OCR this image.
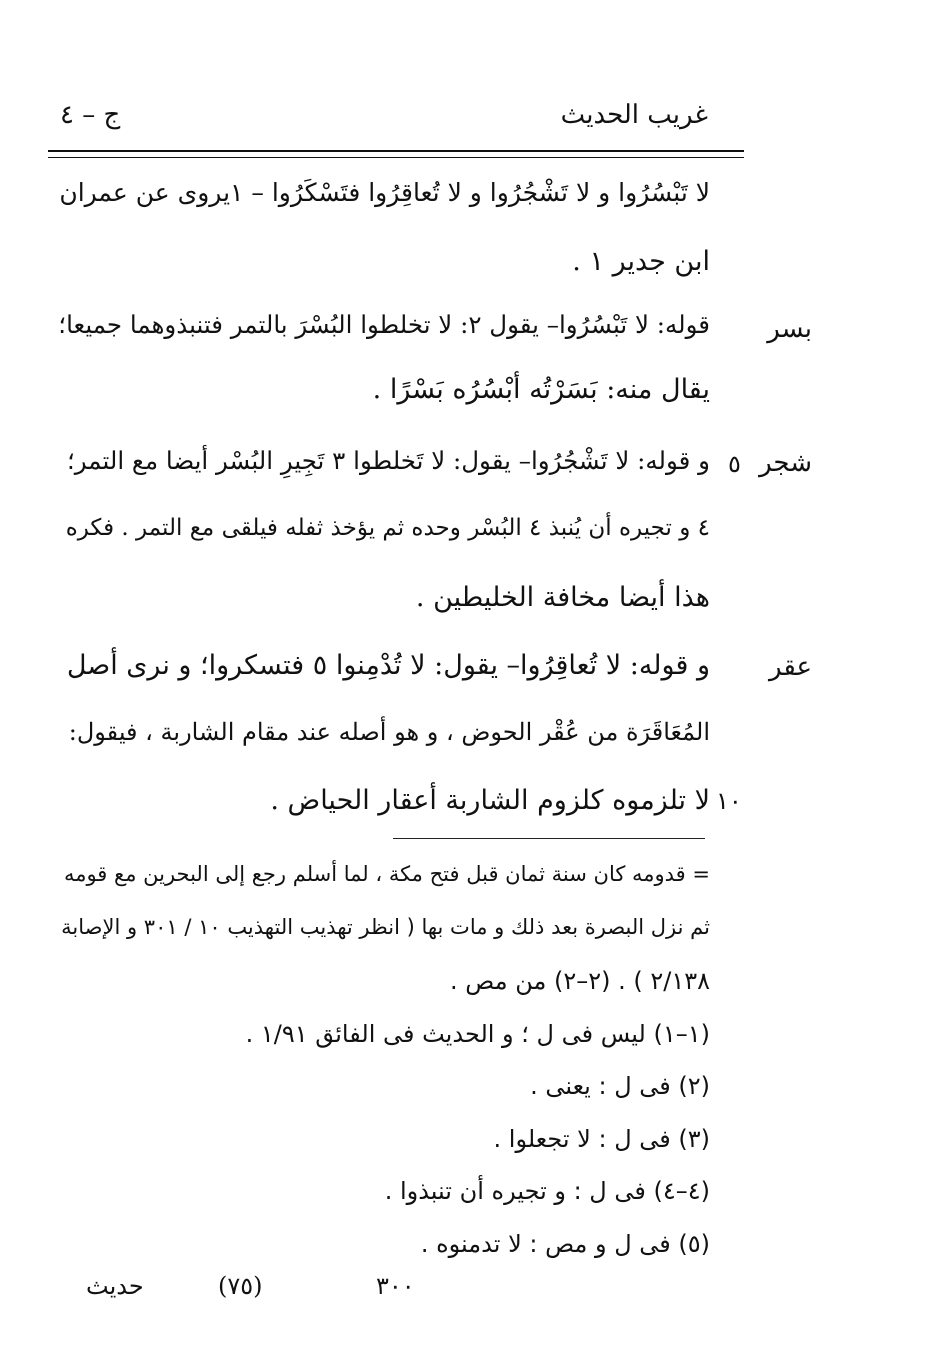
غريب الحديث
ج – ٤
لا تَبْسُرُوا و لا تَشْجُرُوا و لا تُعاقِرُوا فتَسْكَرُوا – ١يروى عن عمران
ابن جدير ١ .
قوله: لا تَبْسُرُوا– يقول ٢: لا تخلطوا البُسْرَ بالتمر فتنبذوهما جميعا؛
يقال منه: بَسَرْتُه أبْسُرُه بَسْرًا .
و قوله: لا تَشْجُرُوا– يقول: لا تَخلطوا ٣ تَجِيرِ البُسْر أيضا مع التمر؛
٤ و تجيره أن يُنبذ ٤ البُسْر وحده ثم يؤخذ ثفله فيلقى مع التمر . فكره
هذا أيضا مخافة الخليطين .
و قوله: لا تُعاقِرُوا– يقول: لا تُدْمِنوا ٥ فتسكروا؛ و نرى أصل
المُعَاقَرَة من عُقْر الحوض ، و هو أصله عند مقام الشاربة ، فيقول:
لا تلزموه كلزوم الشاربة أعقار الحياض .
بسر
شجر
عقر
٥
١٠
= قدومه كان سنة ثمان قبل فتح مكة ، لما أسلم رجع إلى البحرين مع قومه
ثم نزل البصرة بعد ذلك و مات بها ( انظر تهذيب التهذيب ١٠ / ٣٠١ و الإصابة
٢/١٣٨ ) . (٢–٢) من مص .
(١–١) ليس فى ل ؛ و الحديث فى الفائق ١/٩١ .
(٢) فى ل : يعنى .
(٣) فى ل : لا تجعلوا .
(٤–٤) فى ل : و تجيره أن تنبذوا .
(٥) فى ل و مص : لا تدمنوه .
٣٠٠
(٧٥)
حديث
